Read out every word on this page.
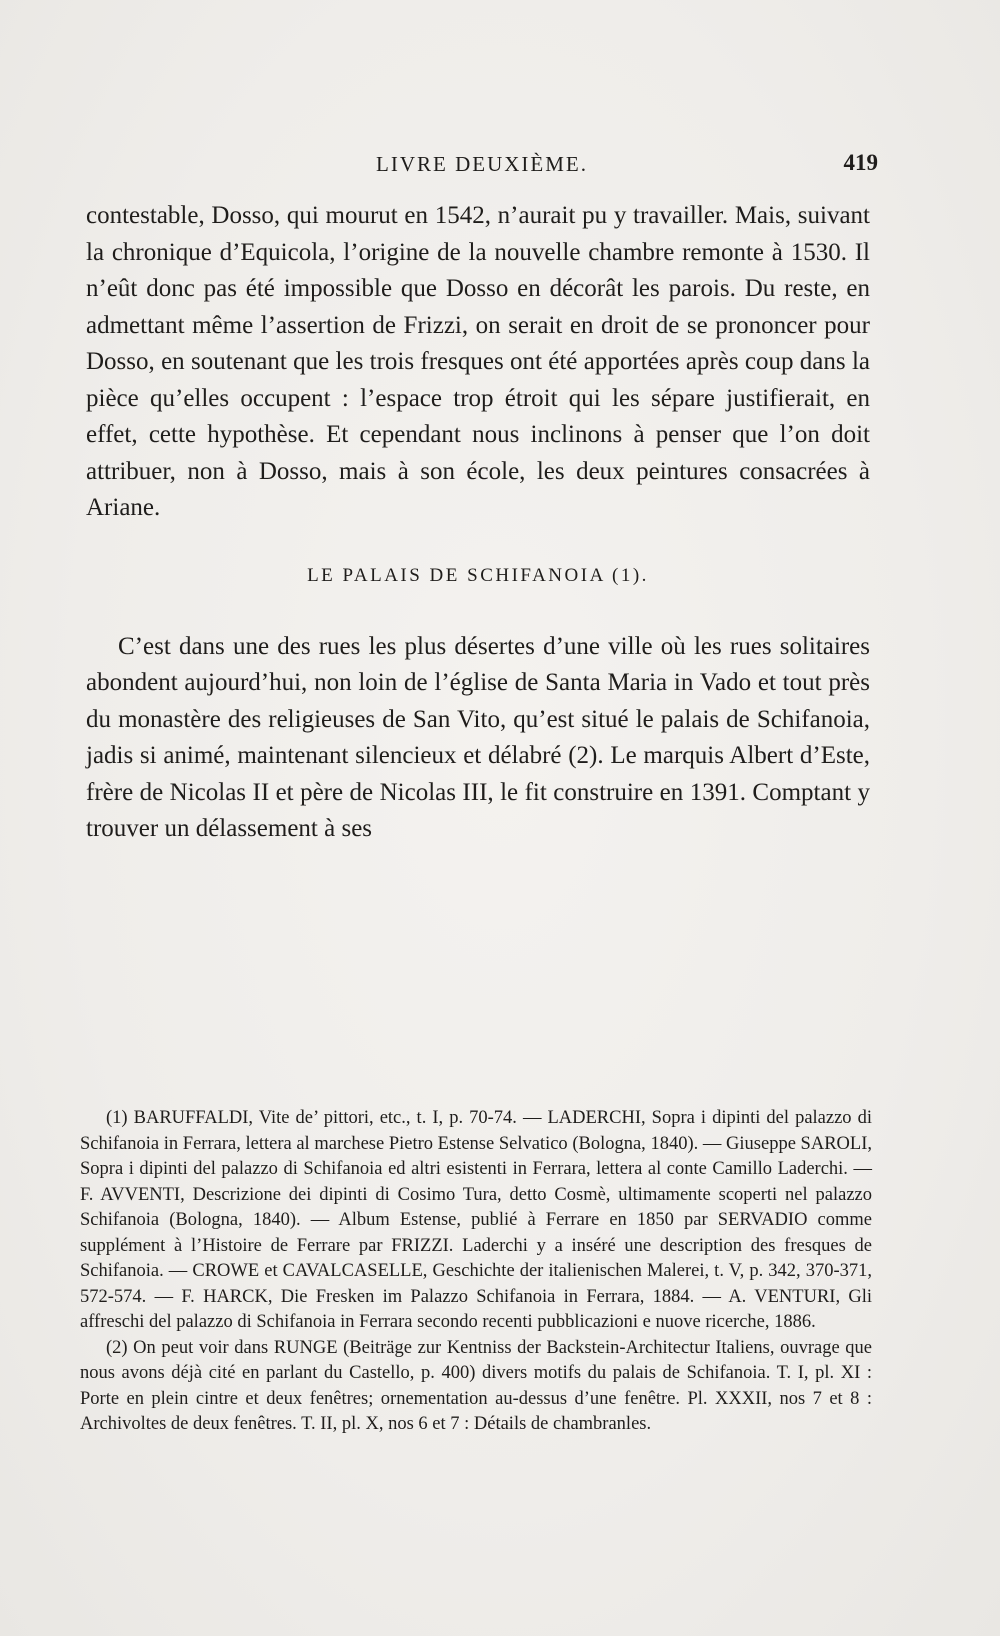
LIVRE DEUXIÈME.	419

contestable, Dosso, qui mourut en 1542, n’aurait pu y travailler. Mais, suivant la chronique d’Equicola, l’origine de la nouvelle chambre remonte à 1530. Il n’eût donc pas été impossible que Dosso en décorât les parois. Du reste, en admettant même l’assertion de Frizzi, on serait en droit de se prononcer pour Dosso, en soutenant que les trois fresques ont été apportées après coup dans la pièce qu’elles occupent : l’espace trop étroit qui les sépare justifierait, en effet, cette hypothèse. Et cependant nous inclinons à penser que l’on doit attribuer, non à Dosso, mais à son école, les deux peintures consacrées à Ariane.

LE PALAIS DE SCHIFANOIA (1).

C’est dans une des rues les plus désertes d’une ville où les rues solitaires abondent aujourd’hui, non loin de l’église de Santa Maria in Vado et tout près du monastère des religieuses de San Vito, qu’est situé le palais de Schifanoia, jadis si animé, maintenant silencieux et délabré (2). Le marquis Albert d’Este, frère de Nicolas II et père de Nicolas III, le fit construire en 1391. Comptant y trouver un délassement à ses

(1) BARUFFALDI, Vite de’ pittori, etc., t. I, p. 70-74. — LADERCHI, Sopra i dipinti del palazzo di Schifanoia in Ferrara, lettera al marchese Pietro Estense Selvatico (Bologna, 1840). — Giuseppe SAROLI, Sopra i dipinti del palazzo di Schifanoia ed altri esistenti in Ferrara, lettera al conte Camillo Laderchi. — F. AVVENTI, Descrizione dei dipinti di Cosimo Tura, detto Cosmè, ultimamente scoperti nel palazzo Schifanoia (Bologna, 1840). — Album Estense, publié à Ferrare en 1850 par SERVADIO comme supplément à l’Histoire de Ferrare par FRIZZI. Laderchi y a inséré une description des fresques de Schifanoia. — CROWE et CAVALCASELLE, Geschichte der italienischen Malerei, t. V, p. 342, 370-371, 572-574. — F. HARCK, Die Fresken im Palazzo Schifanoia in Ferrara, 1884. — A. VENTURI, Gli affreschi del palazzo di Schifanoia in Ferrara secondo recenti pubblicazioni e nuove ricerche, 1886.

(2) On peut voir dans RUNGE (Beiträge zur Kentniss der Backstein-Architectur Italiens, ouvrage que nous avons déjà cité en parlant du Castello, p. 400) divers motifs du palais de Schifanoia. T. I, pl. XI : Porte en plein cintre et deux fenêtres; ornementation au-dessus d’une fenêtre. Pl. XXXII, nos 7 et 8 : Archivoltes de deux fenêtres. T. II, pl. X, nos 6 et 7 : Détails de chambranles.
